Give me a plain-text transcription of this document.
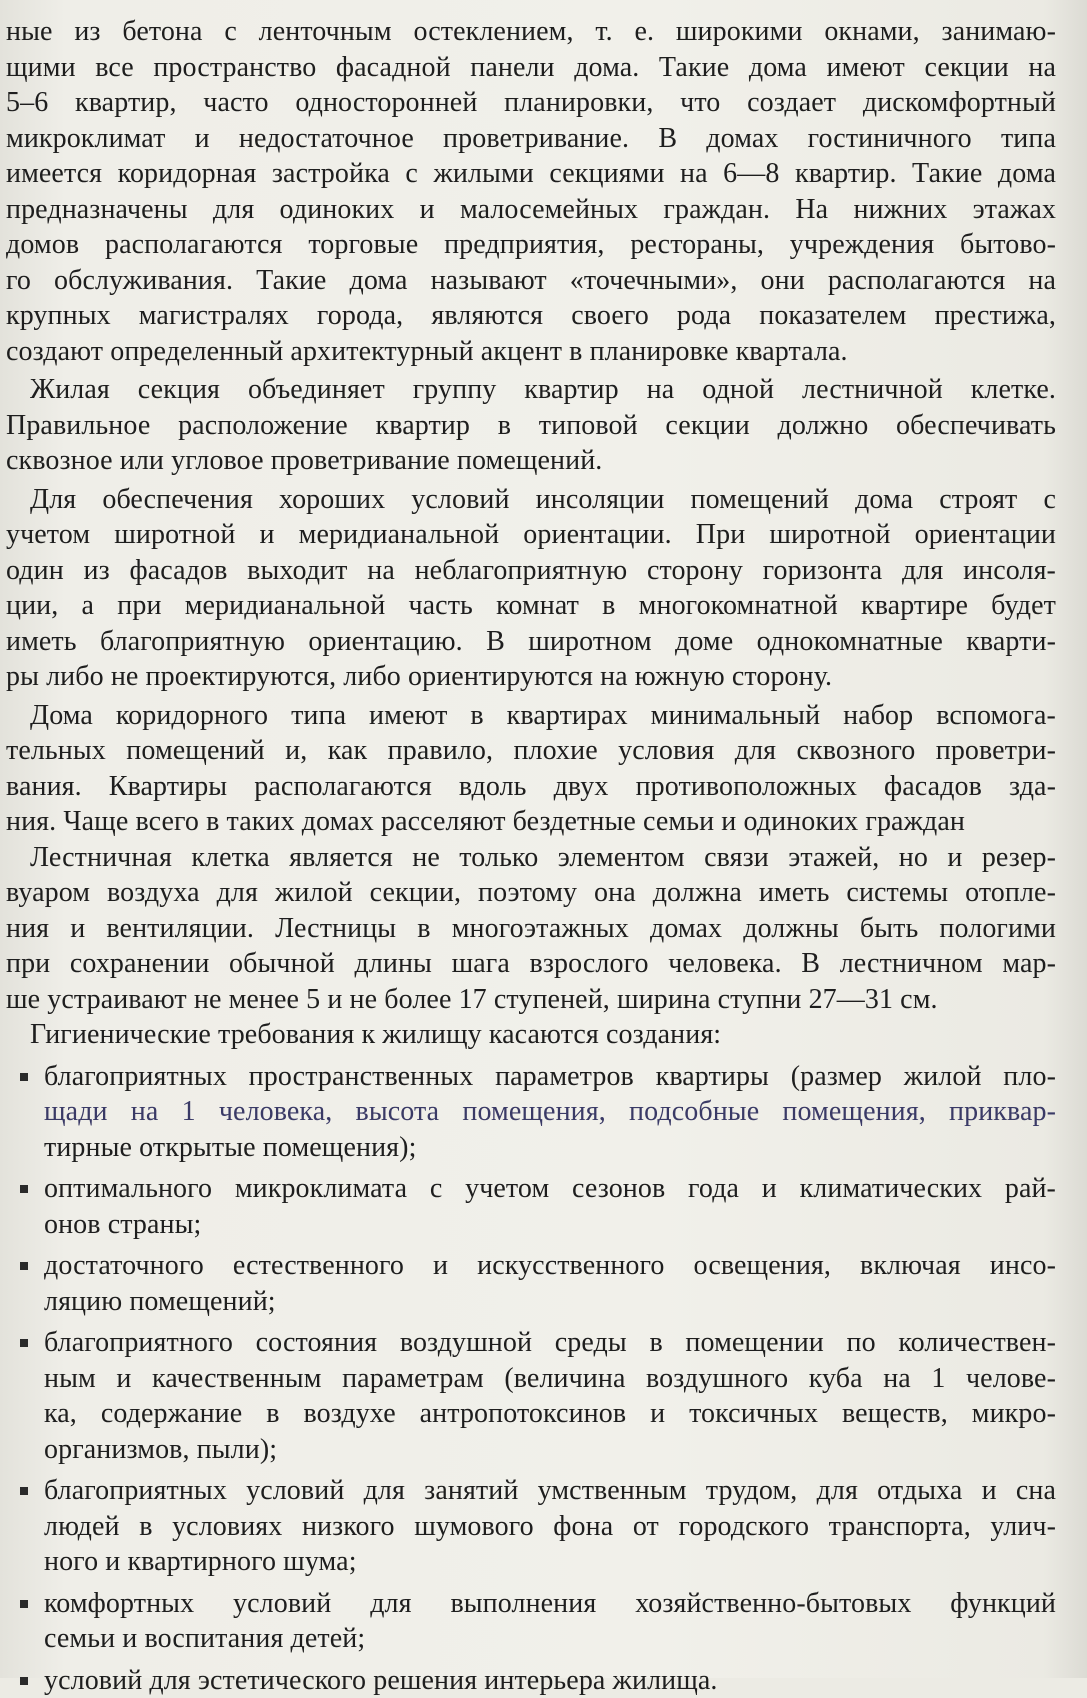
ные из бетона с ленточным остеклением, т. е. широкими окнами, занимаю-
щими все пространство фасадной панели дома. Такие дома имеют секции на
5–6 квартир, часто односторонней планировки, что создает дискомфортный
микроклимат и недостаточное проветривание. В домах гостиничного типа
имеется коридорная застройка с жилыми секциями на 6—8 квартир. Такие дома
предназначены для одиноких и малосемейных граждан. На нижних этажах
домов располагаются торговые предприятия, рестораны, учреждения бытово-
го обслуживания. Такие дома называют «точечными», они располагаются на
крупных магистралях города, являются своего рода показателем престижа,
создают определенный архитектурный акцент в планировке квартала.
Жилая секция объединяет группу квартир на одной лестничной клетке.
Правильное расположение квартир в типовой секции должно обеспечивать
сквозное или угловое проветривание помещений.
Для обеспечения хороших условий инсоляции помещений дома строят с
учетом широтной и меридианальной ориентации. При широтной ориентации
один из фасадов выходит на неблагоприятную сторону горизонта для инсоля-
ции, а при меридианальной часть комнат в многокомнатной квартире будет
иметь благоприятную ориентацию. В широтном доме однокомнатные кварти-
ры либо не проектируются, либо ориентируются на южную сторону.
Дома коридорного типа имеют в квартирах минимальный набор вспомога-
тельных помещений и, как правило, плохие условия для сквозного проветри-
вания. Квартиры располагаются вдоль двух противоположных фасадов зда-
ния. Чаще всего в таких домах расселяют бездетные семьи и одиноких граждан
Лестничная клетка является не только элементом связи этажей, но и резер-
вуаром воздуха для жилой секции, поэтому она должна иметь системы отопле-
ния и вентиляции. Лестницы в многоэтажных домах должны быть пологими
при сохранении обычной длины шага взрослого человека. В лестничном мар-
ше устраивают не менее 5 и не более 17 ступеней, ширина ступни 27—31 см.
Гигиенические требования к жилищу касаются создания:
благоприятных пространственных параметров квартиры (размер жилой пло-
щади на 1 человека, высота помещения, подсобные помещения, приквар-
тирные открытые помещения);
оптимального микроклимата с учетом сезонов года и климатических рай-
онов страны;
достаточного естественного и искусственного освещения, включая инсо-
ляцию помещений;
благоприятного состояния воздушной среды в помещении по количествен-
ным и качественным параметрам (величина воздушного куба на 1 челове-
ка, содержание в воздухе антропотоксинов и токсичных веществ, микро-
организмов, пыли);
благоприятных условий для занятий умственным трудом, для отдыха и сна
людей в условиях низкого шумового фона от городского транспорта, улич-
ного и квартирного шума;
комфортных условий для выполнения хозяйственно-бытовых функций
семьи и воспитания детей;
условий для эстетического решения интерьера жилища.
